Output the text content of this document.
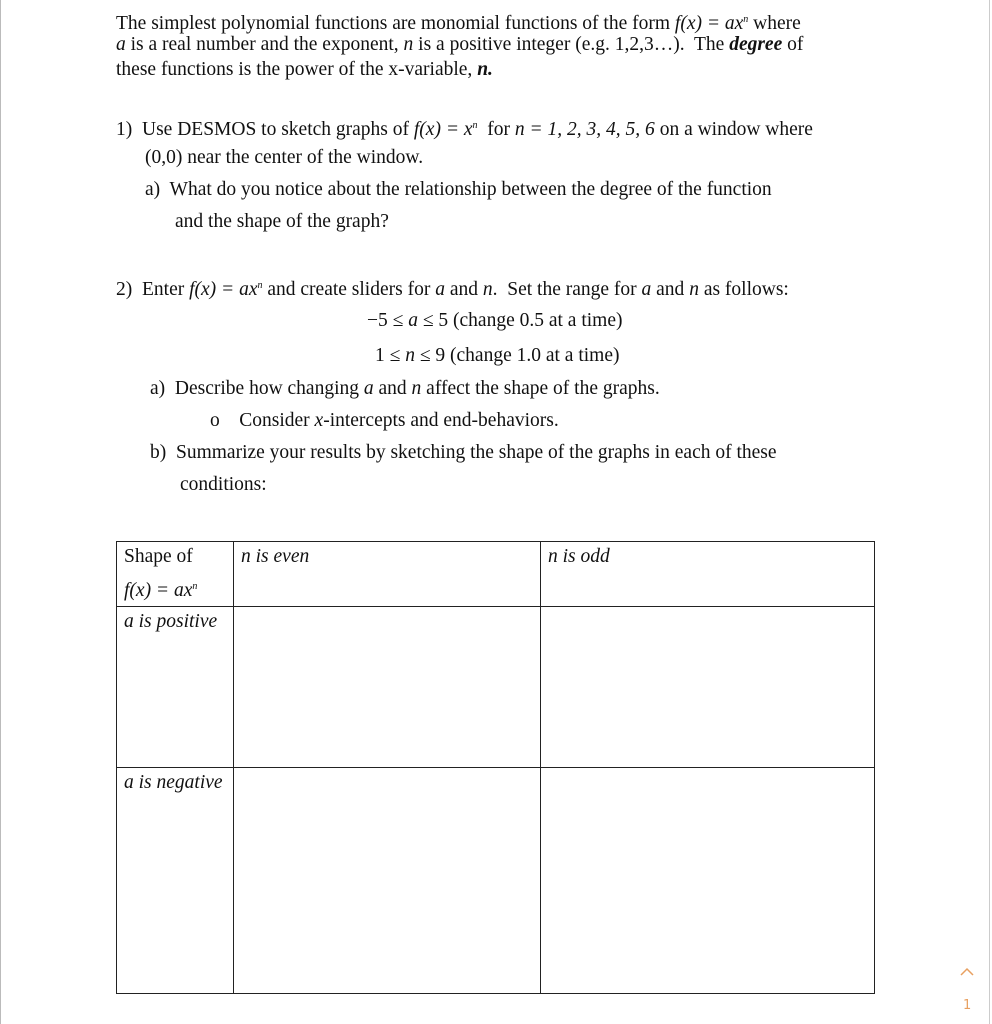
The simplest polynomial functions are monomial functions of the form $f(x) = ax^n$ where
a is a real number and the exponent, n is a positive integer (e.g. 1,2,3…).  The degree of
these functions is the power of the x-variable, n.
1)  Use DESMOS to sketch graphs of $f(x) = x^n$  for n = 1, 2, 3, 4, 5, 6 on a window where
(0,0) near the center of the window.
a)  What do you notice about the relationship between the degree of the function
and the shape of the graph?
2)  Enter $f(x) = ax^n$ and create sliders for a and n.  Set the range for a and n as follows:
−5 ≤ a ≤ 5 (change 0.5 at a time)
1 ≤ n ≤ 9 (change 1.0 at a time)
a)  Describe how changing a and n affect the shape of the graphs.
o    Consider x-intercepts and end-behaviors.
b)  Summarize your results by sketching the shape of the graphs in each of these
conditions:
Shape of
$f(x) = ax^n$	n is even	n is odd
a is positive		
a is negative		
1
